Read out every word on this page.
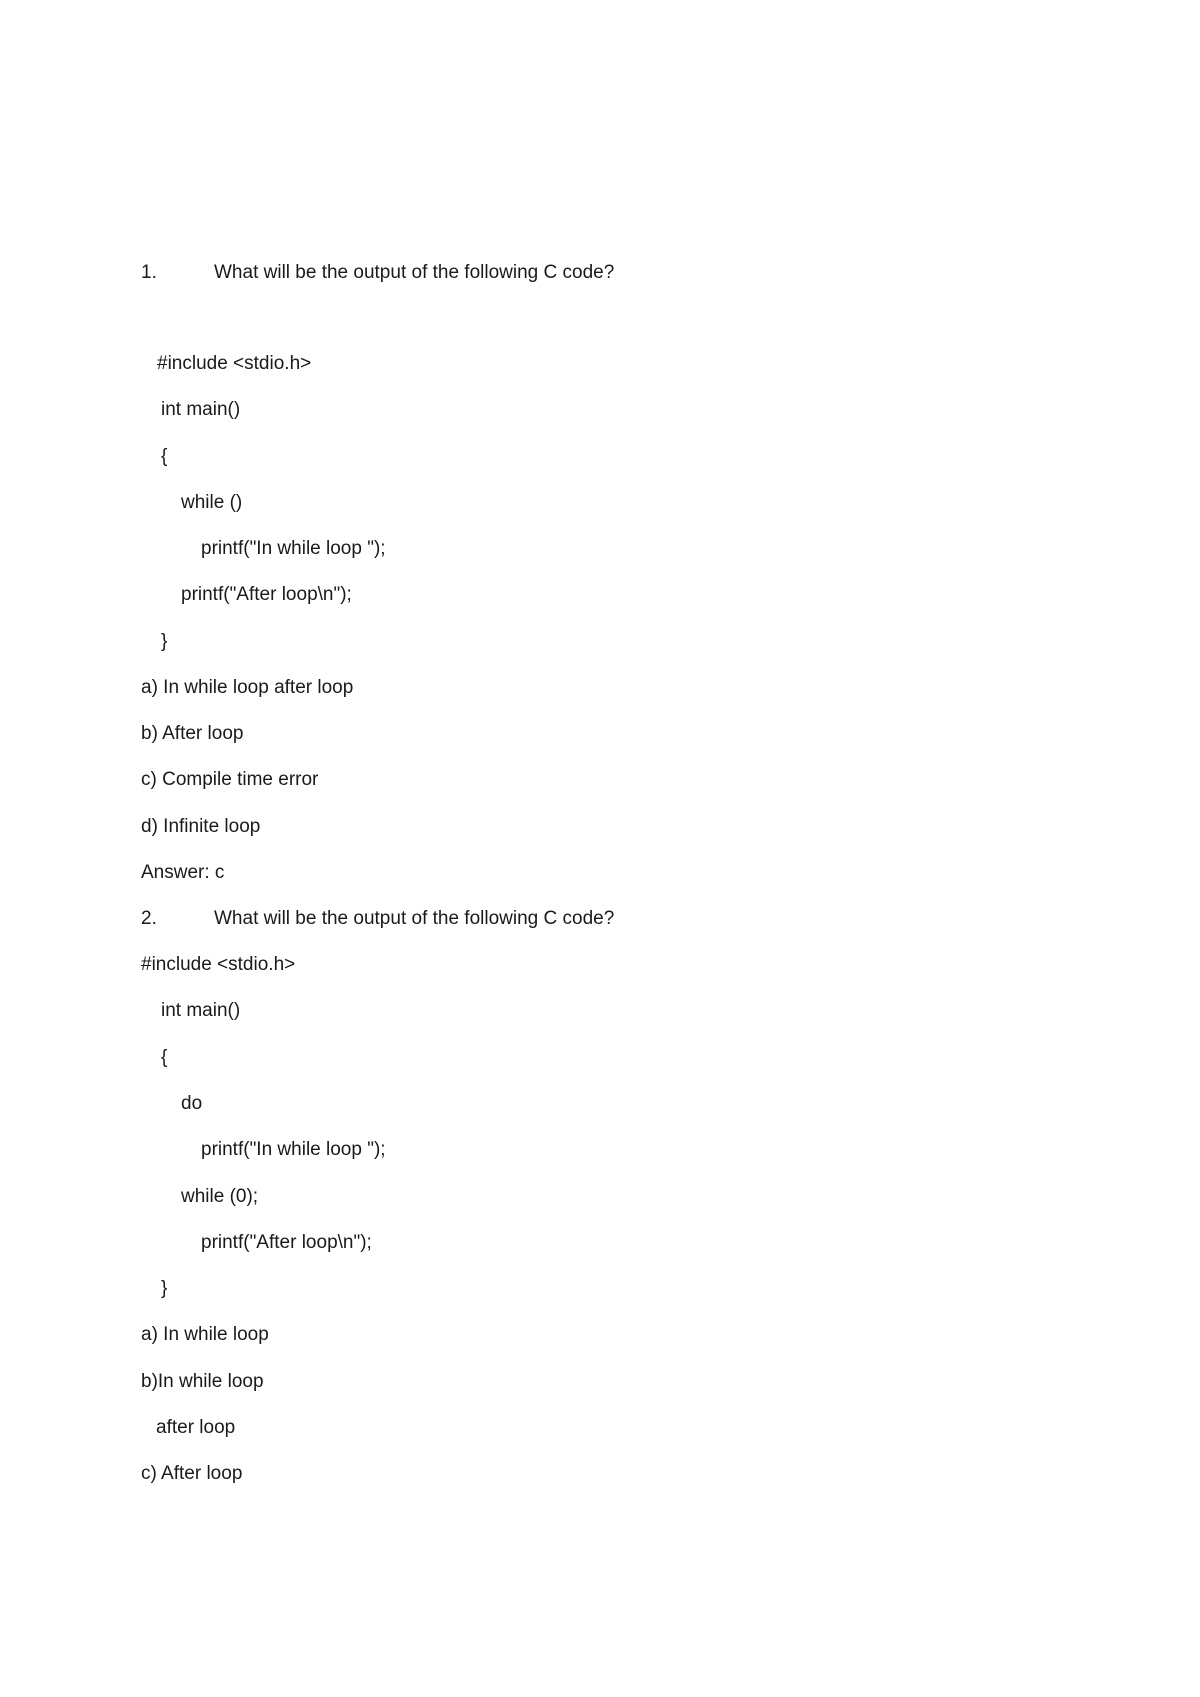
1.	What will be the output of the following C code?
#include <stdio.h>
int main()
{
while ()
printf("In while loop ");
printf("After loop\n");
}
a) In while loop after loop
b) After loop
c) Compile time error
d) Infinite loop
Answer: c
2.	What will be the output of the following C code?
#include <stdio.h>
int main()
{
do
printf("In while loop ");
while (0);
printf("After loop\n");
}
a) In while loop
b)In while loop
after loop
c) After loop
